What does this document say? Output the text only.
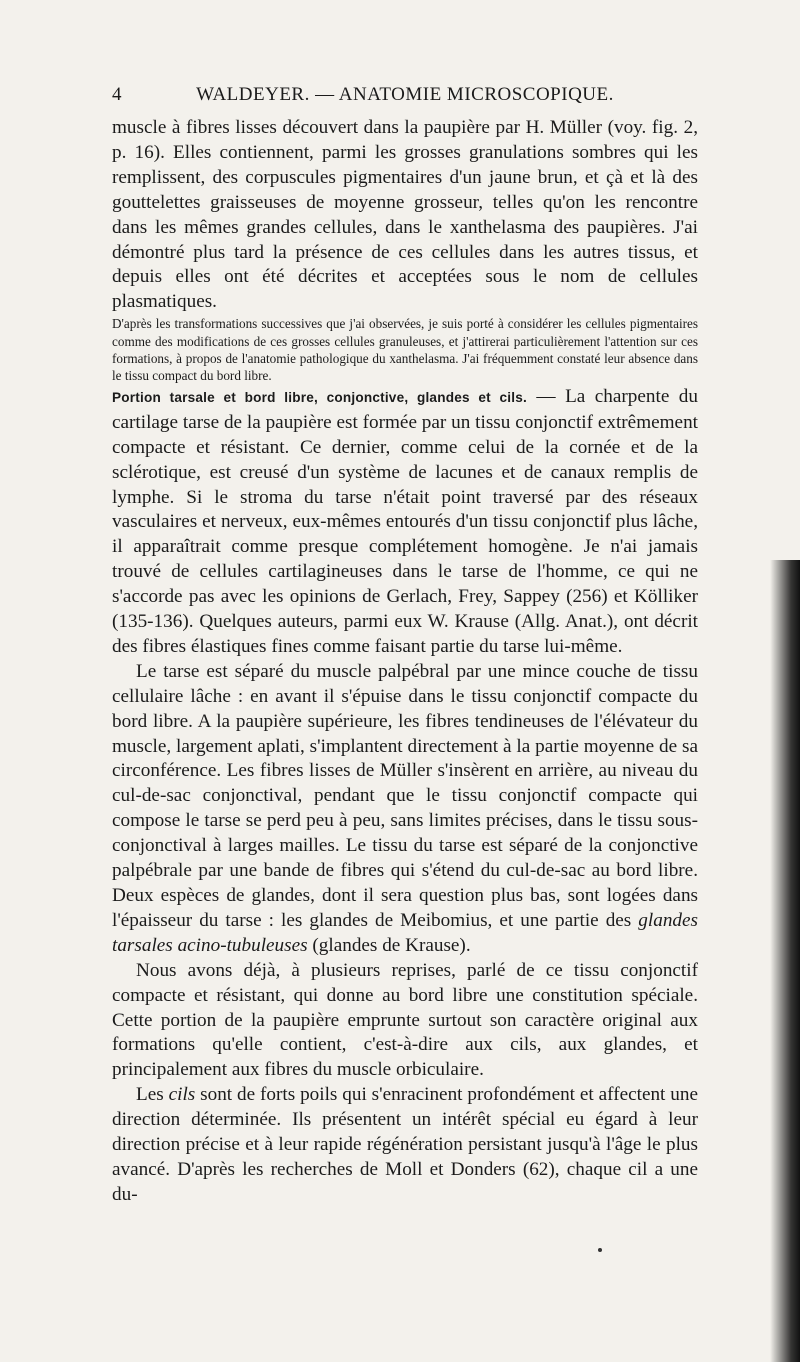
4	WALDEYER. — ANATOMIE MICROSCOPIQUE.

muscle à fibres lisses découvert dans la paupière par H. Müller (voy. fig. 2, p. 16). Elles contiennent, parmi les grosses granulations sombres qui les remplissent, des corpuscules pigmentaires d'un jaune brun, et çà et là des gouttelettes graisseuses de moyenne grosseur, telles qu'on les rencontre dans les mêmes grandes cellules, dans le xanthelasma des paupières. J'ai démontré plus tard la présence de ces cellules dans les autres tissus, et depuis elles ont été décrites et acceptées sous le nom de cellules plasmatiques.

D'après les transformations successives que j'ai observées, je suis porté à considérer les cellules pigmentaires comme des modifications de ces grosses cellules granuleuses, et j'attirerai particulièrement l'attention sur ces formations, à propos de l'anatomie pathologique du xanthelasma. J'ai fréquemment constaté leur absence dans le tissu compact du bord libre.

Portion tarsale et bord libre, conjonctive, glandes et cils. — La charpente du cartilage tarse de la paupière est formée par un tissu conjonctif extrêmement compacte et résistant. Ce dernier, comme celui de la cornée et de la sclérotique, est creusé d'un système de lacunes et de canaux remplis de lymphe. Si le stroma du tarse n'était point traversé par des réseaux vasculaires et nerveux, eux-mêmes entourés d'un tissu conjonctif plus lâche, il apparaîtrait comme presque complétement homogène. Je n'ai jamais trouvé de cellules cartilagineuses dans le tarse de l'homme, ce qui ne s'accorde pas avec les opinions de Gerlach, Frey, Sappey (256) et Kölliker (135-136). Quelques auteurs, parmi eux W. Krause (Allg. Anat.), ont décrit des fibres élastiques fines comme faisant partie du tarse lui-même.

Le tarse est séparé du muscle palpébral par une mince couche de tissu cellulaire lâche : en avant il s'épuise dans le tissu conjonctif compacte du bord libre. A la paupière supérieure, les fibres tendineuses de l'élévateur du muscle, largement aplati, s'implantent directement à la partie moyenne de sa circonférence. Les fibres lisses de Müller s'insèrent en arrière, au niveau du cul-de-sac conjonctival, pendant que le tissu conjonctif compacte qui compose le tarse se perd peu à peu, sans limites précises, dans le tissu sous-conjonctival à larges mailles. Le tissu du tarse est séparé de la conjonctive palpébrale par une bande de fibres qui s'étend du cul-de-sac au bord libre. Deux espèces de glandes, dont il sera question plus bas, sont logées dans l'épaisseur du tarse : les glandes de Meibomius, et une partie des glandes tarsales acino-tubuleuses (glandes de Krause).

Nous avons déjà, à plusieurs reprises, parlé de ce tissu conjonctif compacte et résistant, qui donne au bord libre une constitution spéciale. Cette portion de la paupière emprunte surtout son caractère original aux formations qu'elle contient, c'est-à-dire aux cils, aux glandes, et principalement aux fibres du muscle orbiculaire.

Les cils sont de forts poils qui s'enracinent profondément et affectent une direction déterminée. Ils présentent un intérêt spécial eu égard à leur direction précise et à leur rapide régénération persistant jusqu'à l'âge le plus avancé. D'après les recherches de Moll et Donders (62), chaque cil a une du-
